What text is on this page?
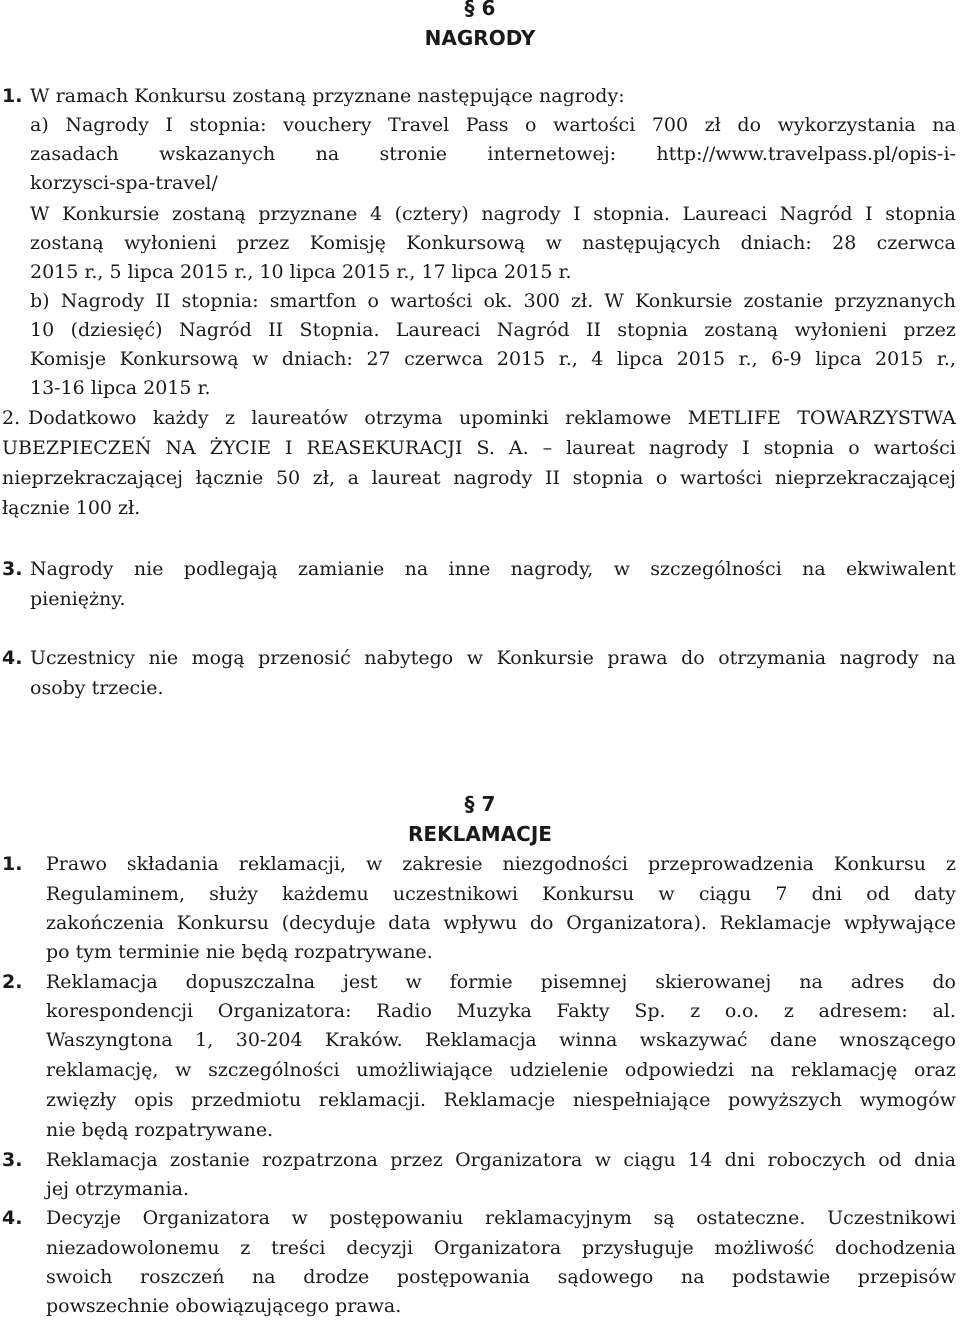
§ 6
NAGRODY
1. W ramach Konkursu zostaną przyznane następujące nagrody:
a) Nagrody I stopnia: vouchery Travel Pass o wartości 700 zł do wykorzystania na
zasadach wskazanych na stronie internetowej: http://www.travelpass.pl/opis-i-
korzysci-spa-travel/
W Konkursie zostaną przyznane 4 (cztery) nagrody I stopnia. Laureaci Nagród I stopnia
zostaną wyłonieni przez Komisję Konkursową w następujących dniach: 28 czerwca
2015 r., 5 lipca 2015 r., 10 lipca 2015 r., 17 lipca 2015 r.
b) Nagrody II stopnia: smartfon o wartości ok. 300 zł. W Konkursie zostanie przyznanych
10 (dziesięć) Nagród II Stopnia. Laureaci Nagród II stopnia zostaną wyłonieni przez
Komisje Konkursową w dniach: 27 czerwca 2015 r., 4 lipca 2015 r., 6-9 lipca 2015 r.,
13-16 lipca 2015 r.
2. Dodatkowo każdy z laureatów otrzyma upominki reklamowe METLIFE TOWARZYSTWA
UBEZPIECZEŃ NA ŻYCIE I REASEKURACJI S. A. – laureat nagrody I stopnia o wartości
nieprzekraczającej łącznie 50 zł, a laureat nagrody II stopnia o wartości nieprzekraczającej
łącznie 100 zł.
3. Nagrody nie podlegają zamianie na inne nagrody, w szczególności na ekwiwalent
pieniężny.
4. Uczestnicy nie mogą przenosić nabytego w Konkursie prawa do otrzymania nagrody na
osoby trzecie.
§ 7
REKLAMACJE
1. Prawo składania reklamacji, w zakresie niezgodności przeprowadzenia Konkursu z
Regulaminem, służy każdemu uczestnikowi Konkursu w ciągu 7 dni od daty
zakończenia Konkursu (decyduje data wpływu do Organizatora). Reklamacje wpływające
po tym terminie nie będą rozpatrywane.
2. Reklamacja dopuszczalna jest w formie pisemnej skierowanej na adres do
korespondencji Organizatora: Radio Muzyka Fakty Sp. z o.o. z adresem: al.
Waszyngtona 1, 30-204 Kraków. Reklamacja winna wskazywać dane wnoszącego
reklamację, w szczególności umożliwiające udzielenie odpowiedzi na reklamację oraz
zwięzły opis przedmiotu reklamacji. Reklamacje niespełniające powyższych wymogów
nie będą rozpatrywane.
3. Reklamacja zostanie rozpatrzona przez Organizatora w ciągu 14 dni roboczych od dnia
jej otrzymania.
4. Decyzje Organizatora w postępowaniu reklamacyjnym są ostateczne. Uczestnikowi
niezadowolonemu z treści decyzji Organizatora przysługuje możliwość dochodzenia
swoich roszczeń na drodze postępowania sądowego na podstawie przepisów
powszechnie obowiązującego prawa.
